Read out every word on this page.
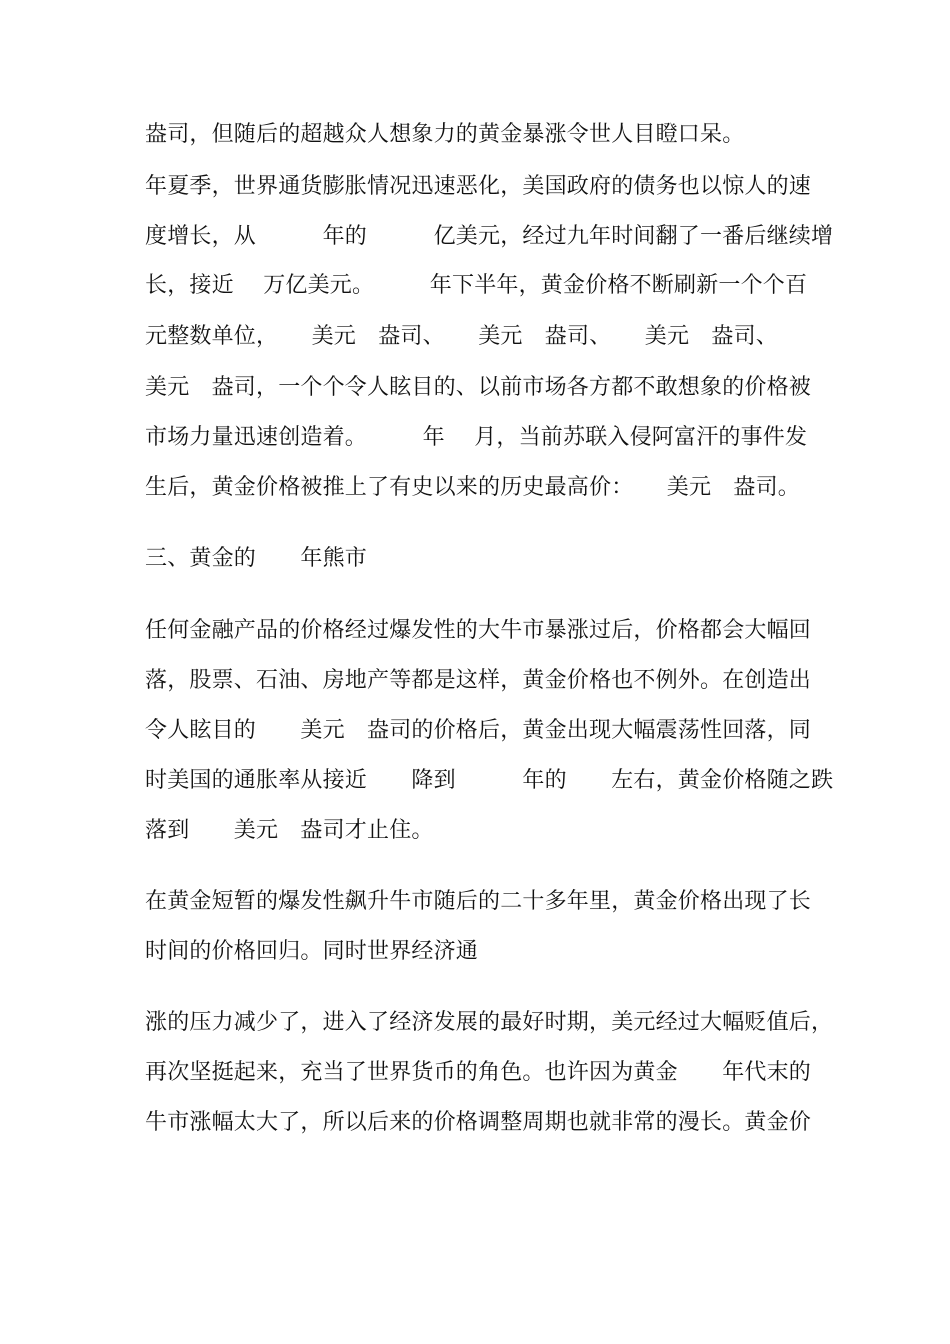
盎司，但随后的超越众人想象力的黄金暴涨令世人目瞪口呆。
年夏季，世界通货膨胀情况迅速恶化，美国政府的债务也以惊人的速
度增长，从　　　年的　　　亿美元，经过九年时间翻了一番后继续增
长，接近　 万亿美元。　　　年下半年，黄金价格不断刷新一个个百
元整数单位，　　美元　盎司、　　美元　盎司、　　美元　盎司、
美元　盎司，一个个令人眩目的、以前市场各方都不敢想象的价格被
市场力量迅速创造着。　　　年　 月，当前苏联入侵阿富汗的事件发
生后，黄金价格被推上了有史以来的历史最高价：　　美元　盎司。
三、黄金的　　年熊市
任何金融产品的价格经过爆发性的大牛市暴涨过后，价格都会大幅回
落，股票、石油、房地产等都是这样，黄金价格也不例外。在创造出
令人眩目的　　美元　盎司的价格后，黄金出现大幅震荡性回落，同
时美国的通胀率从接近　　降到　　　年的　　左右，黄金价格随之跌
落到　　美元　盎司才止住。
在黄金短暂的爆发性飙升牛市随后的二十多年里，黄金价格出现了长
时间的价格回归。同时世界经济通
涨的压力减少了，进入了经济发展的最好时期，美元经过大幅贬值后，
再次坚挺起来，充当了世界货币的角色。也许因为黄金　　年代末的
牛市涨幅太大了，所以后来的价格调整周期也就非常的漫长。黄金价
